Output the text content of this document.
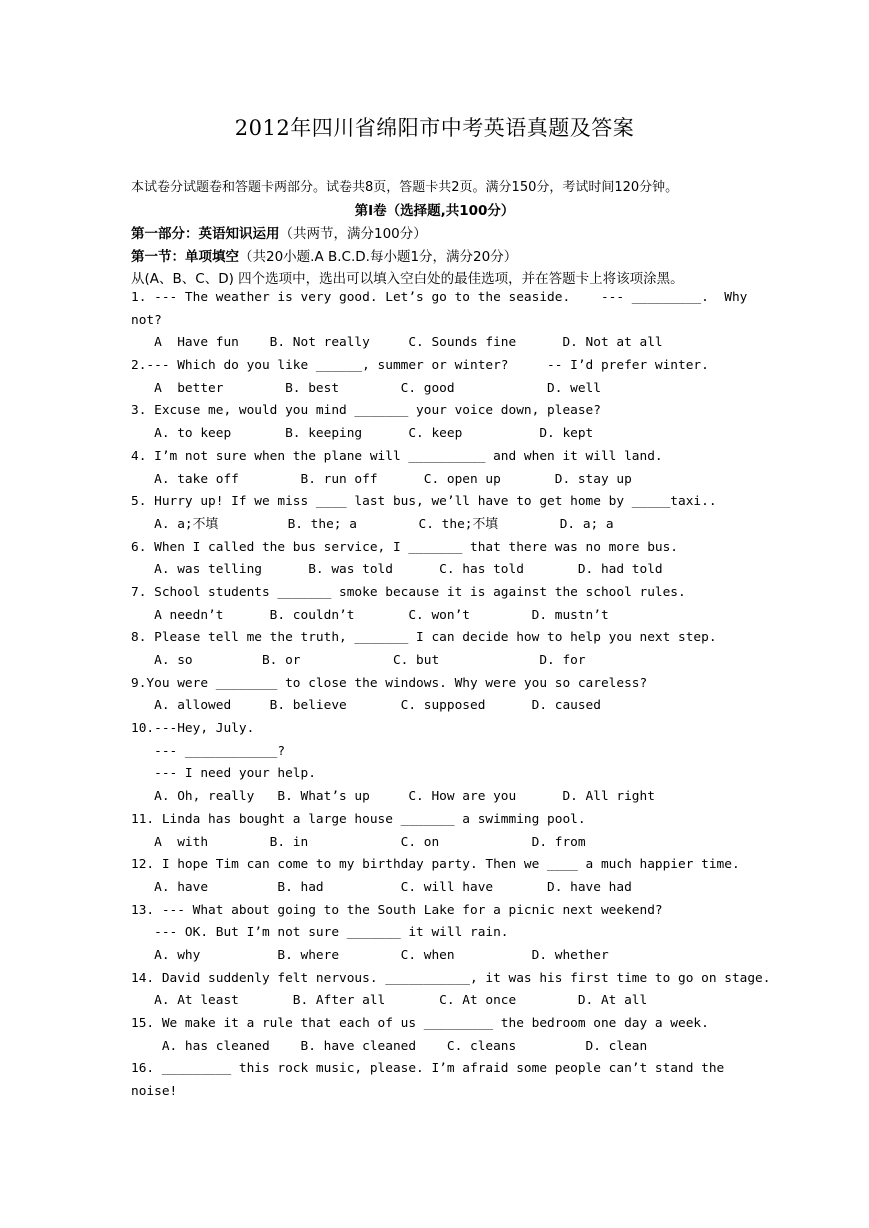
2012年四川省绵阳市中考英语真题及答案
本试卷分试题卷和答题卡两部分。试卷共8页，答题卡共2页。满分150分，考试时间120分钟。
第Ⅰ卷（选择题,共100分）
第一部分：英语知识运用（共两节，满分100分）
第一节：单项填空（共20小题.A B.C.D.每小题1分，满分20分）
从(A、B、C、D) 四个选项中，选出可以填入空白处的最佳选项，并在答题卡上将该项涂黑。
1. --- The weather is very good. Let’s go to the seaside.    --- _________.  Why
not?
A  Have fun    B. Not really     C. Sounds fine      D. Not at all
2.--- Which do you like ______, summer or winter?     -- I’d prefer winter.
A  better        B. best        C. good            D. well
3. Excuse me, would you mind _______ your voice down, please?
A. to keep       B. keeping      C. keep          D. kept
4. I’m not sure when the plane will __________ and when it will land.
A. take off        B. run off      C. open up       D. stay up
5. Hurry up! If we miss ____ last bus, we’ll have to get home by _____taxi..
A. a;不填         B. the; a        C. the;不填        D. a; a
6. When I called the bus service, I _______ that there was no more bus.
A. was telling      B. was told      C. has told       D. had told
7. School students _______ smoke because it is against the school rules.
A needn’t      B. couldn’t       C. won’t        D. mustn’t
8. Please tell me the truth, _______ I can decide how to help you next step.
A. so         B. or            C. but             D. for
9.You were ________ to close the windows. Why were you so careless?
A. allowed     B. believe       C. supposed      D. caused
10.---Hey, July.
--- ____________?
--- I need your help.
A. Oh, really   B. What’s up     C. How are you      D. All right
11. Linda has bought a large house _______ a swimming pool.
A  with        B. in            C. on            D. from
12. I hope Tim can come to my birthday party. Then we ____ a much happier time.
A. have         B. had          C. will have       D. have had
13. --- What about going to the South Lake for a picnic next weekend?
--- OK. But I’m not sure _______ it will rain.
A. why          B. where        C. when          D. whether
14. David suddenly felt nervous. ___________, it was his first time to go on stage.
A. At least       B. After all       C. At once        D. At all
15. We make it a rule that each of us _________ the bedroom one day a week.
A. has cleaned    B. have cleaned    C. cleans         D. clean
16. _________ this rock music, please. I’m afraid some people can’t stand the
noise!
